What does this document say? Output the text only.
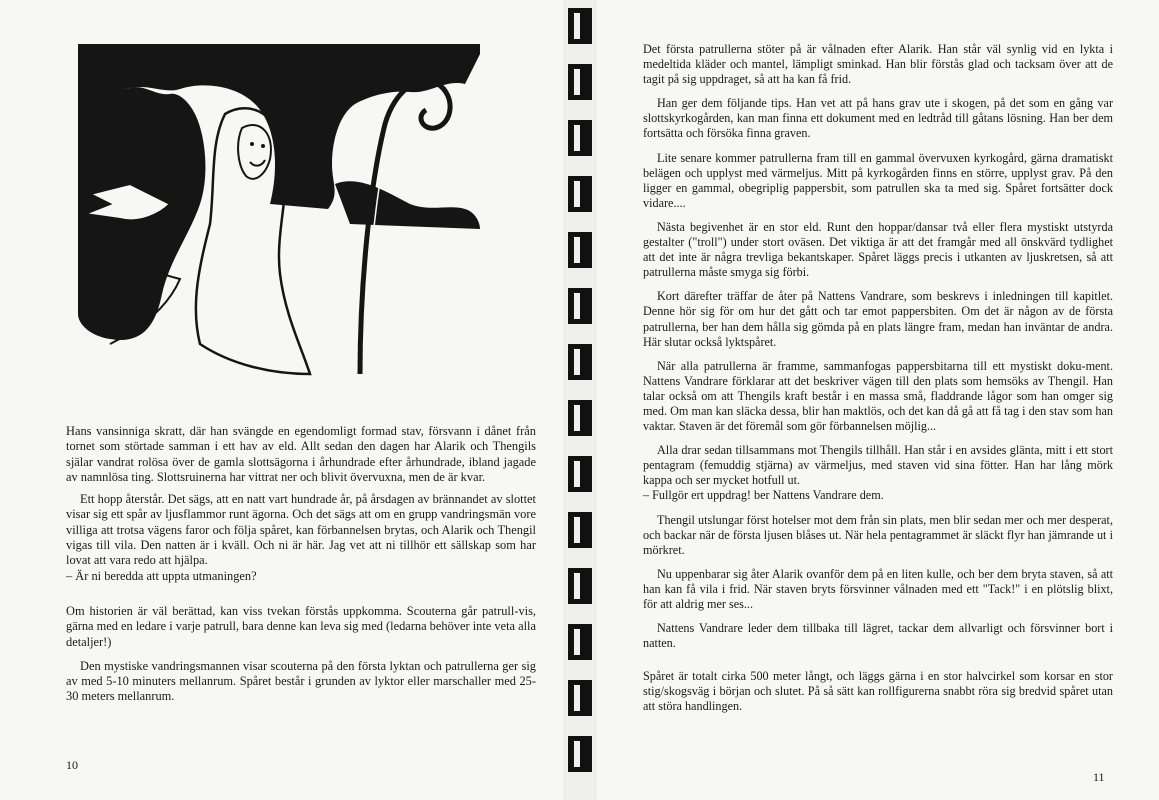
Hans vansinniga skratt, där han svängde en egendomligt formad stav, försvann i dånet från tornet som störtade samman i ett hav av eld. Allt sedan den dagen har Alarik och Thengils själar vandrat rolösa över de gamla slottsägorna i århundrade efter århundrade, ibland jagade av namnlösa ting. Slottsruinerna har vittrat ner och blivit övervuxna, men de är kvar.

Ett hopp återstår. Det sägs, att en natt vart hundrade år, på årsdagen av brännandet av slottet visar sig ett spår av ljusflammor runt ägorna. Och det sägs att om en grupp vandringsmän vore villiga att trotsa vägens faror och följa spåret, kan förbannelsen brytas, och Alarik och Thengil vigas till vila. Den natten är i kväll. Och ni är här. Jag vet att ni tillhör ett sällskap som har lovat att vara redo att hjälpa.

– Är ni beredda att uppta utmaningen?

Om historien är väl berättad, kan viss tvekan förstås uppkomma. Scouterna går patrull-vis, gärna med en ledare i varje patrull, bara denne kan leva sig med (ledarna behöver inte veta alla detaljer!)

Den mystiske vandringsmannen visar scouterna på den första lyktan och patrullerna ger sig av med 5-10 minuters mellanrum. Spåret består i grunden av lyktor eller marschaller med 25-30 meters mellanrum.

10

Det första patrullerna stöter på är vålnaden efter Alarik. Han står väl synlig vid en lykta i medeltida kläder och mantel, lämpligt sminkad. Han blir förstås glad och tacksam över att de tagit på sig uppdraget, så att ha kan få frid.

Han ger dem följande tips. Han vet att på hans grav ute i skogen, på det som en gång var slottskyrkogården, kan man finna ett dokument med en ledtråd till gåtans lösning. Han ber dem fortsätta och försöka finna graven.

Lite senare kommer patrullerna fram till en gammal övervuxen kyrkogård, gärna dramatiskt belägen och upplyst med värmeljus. Mitt på kyrkogården finns en större, upplyst grav. På den ligger en gammal, obegriplig pappersbit, som patrullen ska ta med sig. Spåret fortsätter dock vidare....

Nästa begivenhet är en stor eld. Runt den hoppar/dansar två eller flera mystiskt utstyrda gestalter ("troll") under stort oväsen. Det viktiga är att det framgår med all önskvärd tydlighet att det inte är några trevliga bekantskaper. Spåret läggs precis i utkanten av ljuskretsen, så att patrullerna måste smyga sig förbi.

Kort därefter träffar de åter på Nattens Vandrare, som beskrevs i inledningen till kapitlet. Denne hör sig för om hur det gått och tar emot pappersbiten. Om det är någon av de första patrullerna, ber han dem hålla sig gömda på en plats längre fram, medan han inväntar de andra. Här slutar också lyktspåret.

När alla patrullerna är framme, sammanfogas pappersbitarna till ett mystiskt doku-ment. Nattens Vandrare förklarar att det beskriver vägen till den plats som hemsöks av Thengil. Han talar också om att Thengils kraft består i en massa små, fladdrande lågor som han omger sig med. Om man kan släcka dessa, blir han maktlös, och det kan då gå att få tag i den stav som han vaktar. Staven är det föremål som gör förbannelsen möjlig...

Alla drar sedan tillsammans mot Thengils tillhåll. Han står i en avsides glänta, mitt i ett stort pentagram (femuddig stjärna) av värmeljus, med staven vid sina fötter. Han har lång mörk kappa och ser mycket hotfull ut.

– Fullgör ert uppdrag! ber Nattens Vandrare dem.

Thengil utslungar först hotelser mot dem från sin plats, men blir sedan mer och mer desperat, och backar när de första ljusen blåses ut. När hela pentagrammet är släckt flyr han jämrande ut i mörkret.

Nu uppenbarar sig åter Alarik ovanför dem på en liten kulle, och ber dem bryta staven, så att han kan få vila i frid. När staven bryts försvinner vålnaden med ett "Tack!" i en plötslig blixt, för att aldrig mer ses...

Nattens Vandrare leder dem tillbaka till lägret, tackar dem allvarligt och försvinner bort i natten.

Spåret är totalt cirka 500 meter långt, och läggs gärna i en stor halvcirkel som korsar en stor stig/skogsväg i början och slutet. På så sätt kan rollfigurerna snabbt röra sig bredvid spåret utan att störa handlingen.

11
